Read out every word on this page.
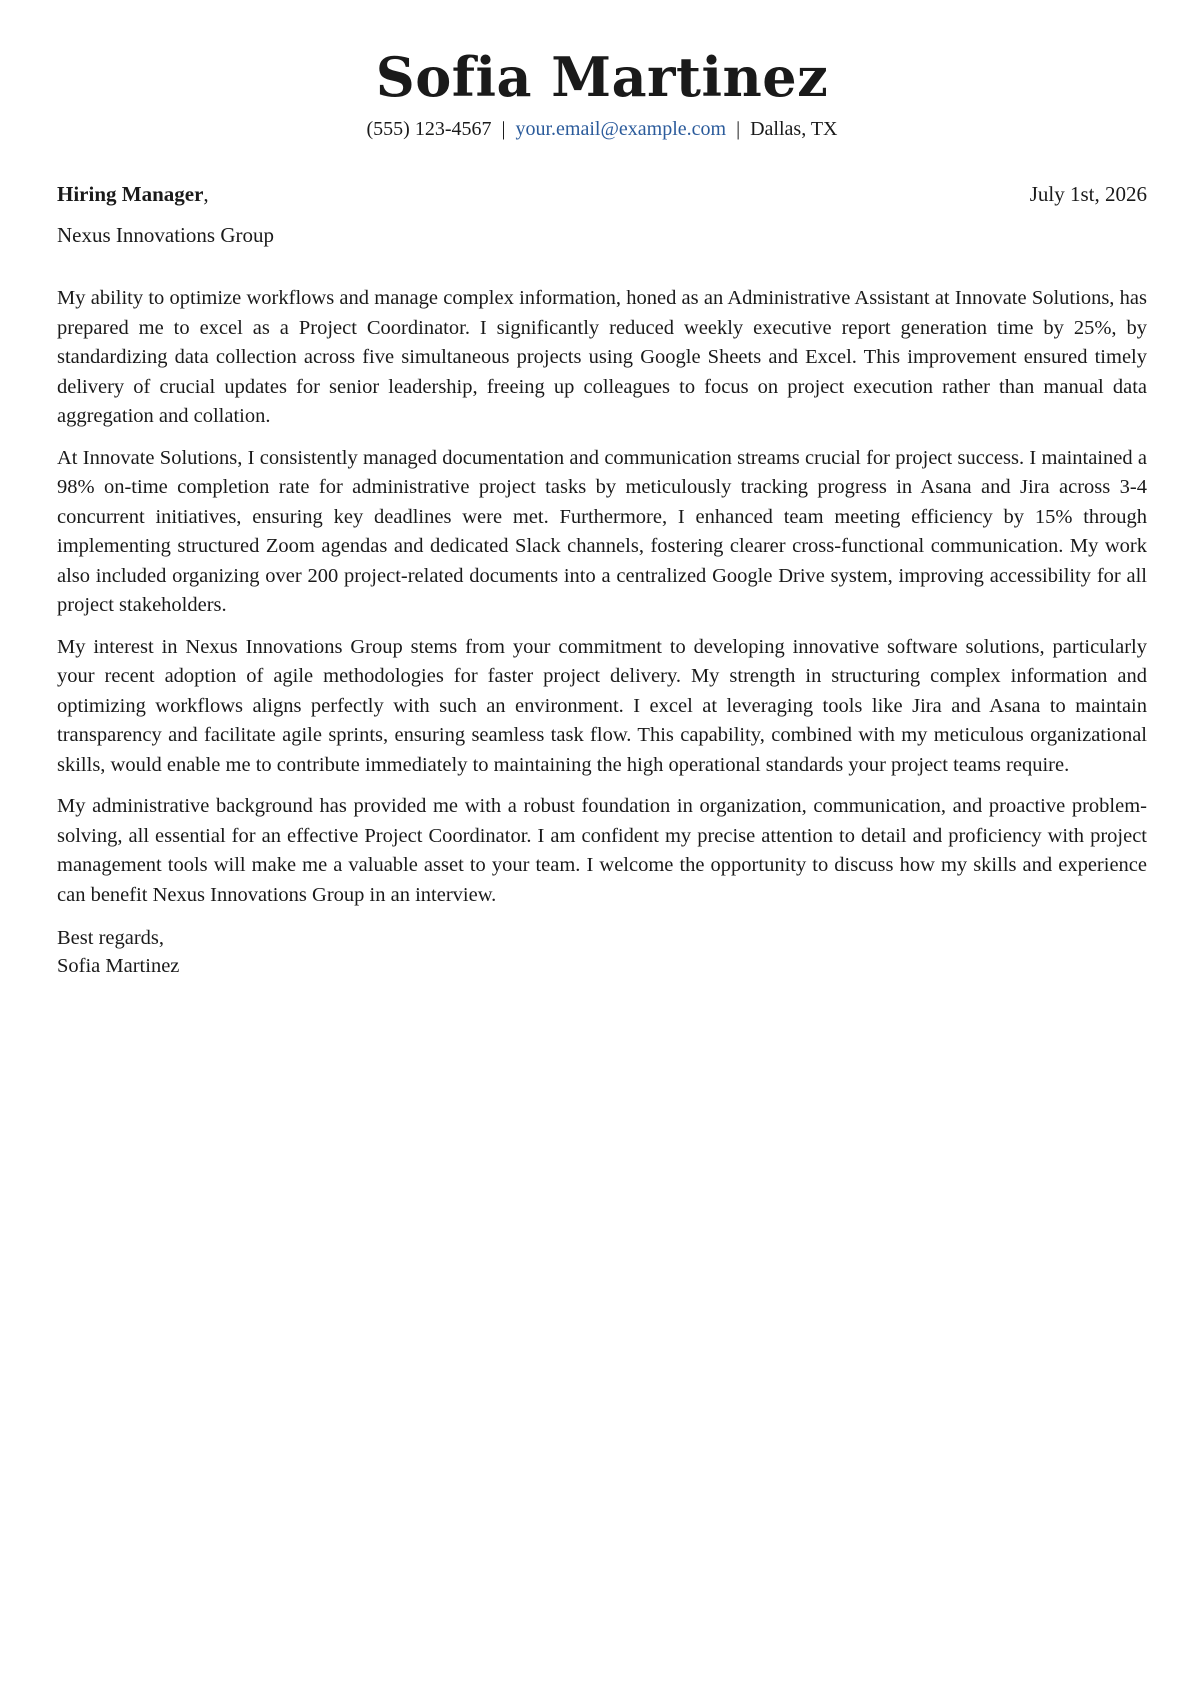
Sofia Martinez
(555) 123-4567 | your.email@example.com | Dallas, TX
Hiring Manager,	July 1st, 2026
Nexus Innovations Group

My ability to optimize workflows and manage complex information, honed as an Administrative Assistant at Innovate Solutions, has prepared me to excel as a Project Coordinator. I significantly reduced weekly executive report generation time by 25%, by standardizing data collection across five simultaneous projects using Google Sheets and Excel. This improvement ensured timely delivery of crucial updates for senior leadership, freeing up colleagues to focus on project execution rather than manual data aggregation and collation.

At Innovate Solutions, I consistently managed documentation and communication streams crucial for project success. I maintained a 98% on-time completion rate for administrative project tasks by meticulously tracking progress in Asana and Jira across 3-4 concurrent initiatives, ensuring key deadlines were met. Furthermore, I enhanced team meeting efficiency by 15% through implementing structured Zoom agendas and dedicated Slack channels, fostering clearer cross-functional communication. My work also included organizing over 200 project-related documents into a centralized Google Drive system, improving accessibility for all project stakeholders.

My interest in Nexus Innovations Group stems from your commitment to developing innovative software solutions, particularly your recent adoption of agile methodologies for faster project delivery. My strength in structuring complex information and optimizing workflows aligns perfectly with such an environment. I excel at leveraging tools like Jira and Asana to maintain transparency and facilitate agile sprints, ensuring seamless task flow. This capability, combined with my meticulous organizational skills, would enable me to contribute immediately to maintaining the high operational standards your project teams require.

My administrative background has provided me with a robust foundation in organization, communication, and proactive problem-solving, all essential for an effective Project Coordinator. I am confident my precise attention to detail and proficiency with project management tools will make me a valuable asset to your team. I welcome the opportunity to discuss how my skills and experience can benefit Nexus Innovations Group in an interview.

Best regards,
Sofia Martinez
